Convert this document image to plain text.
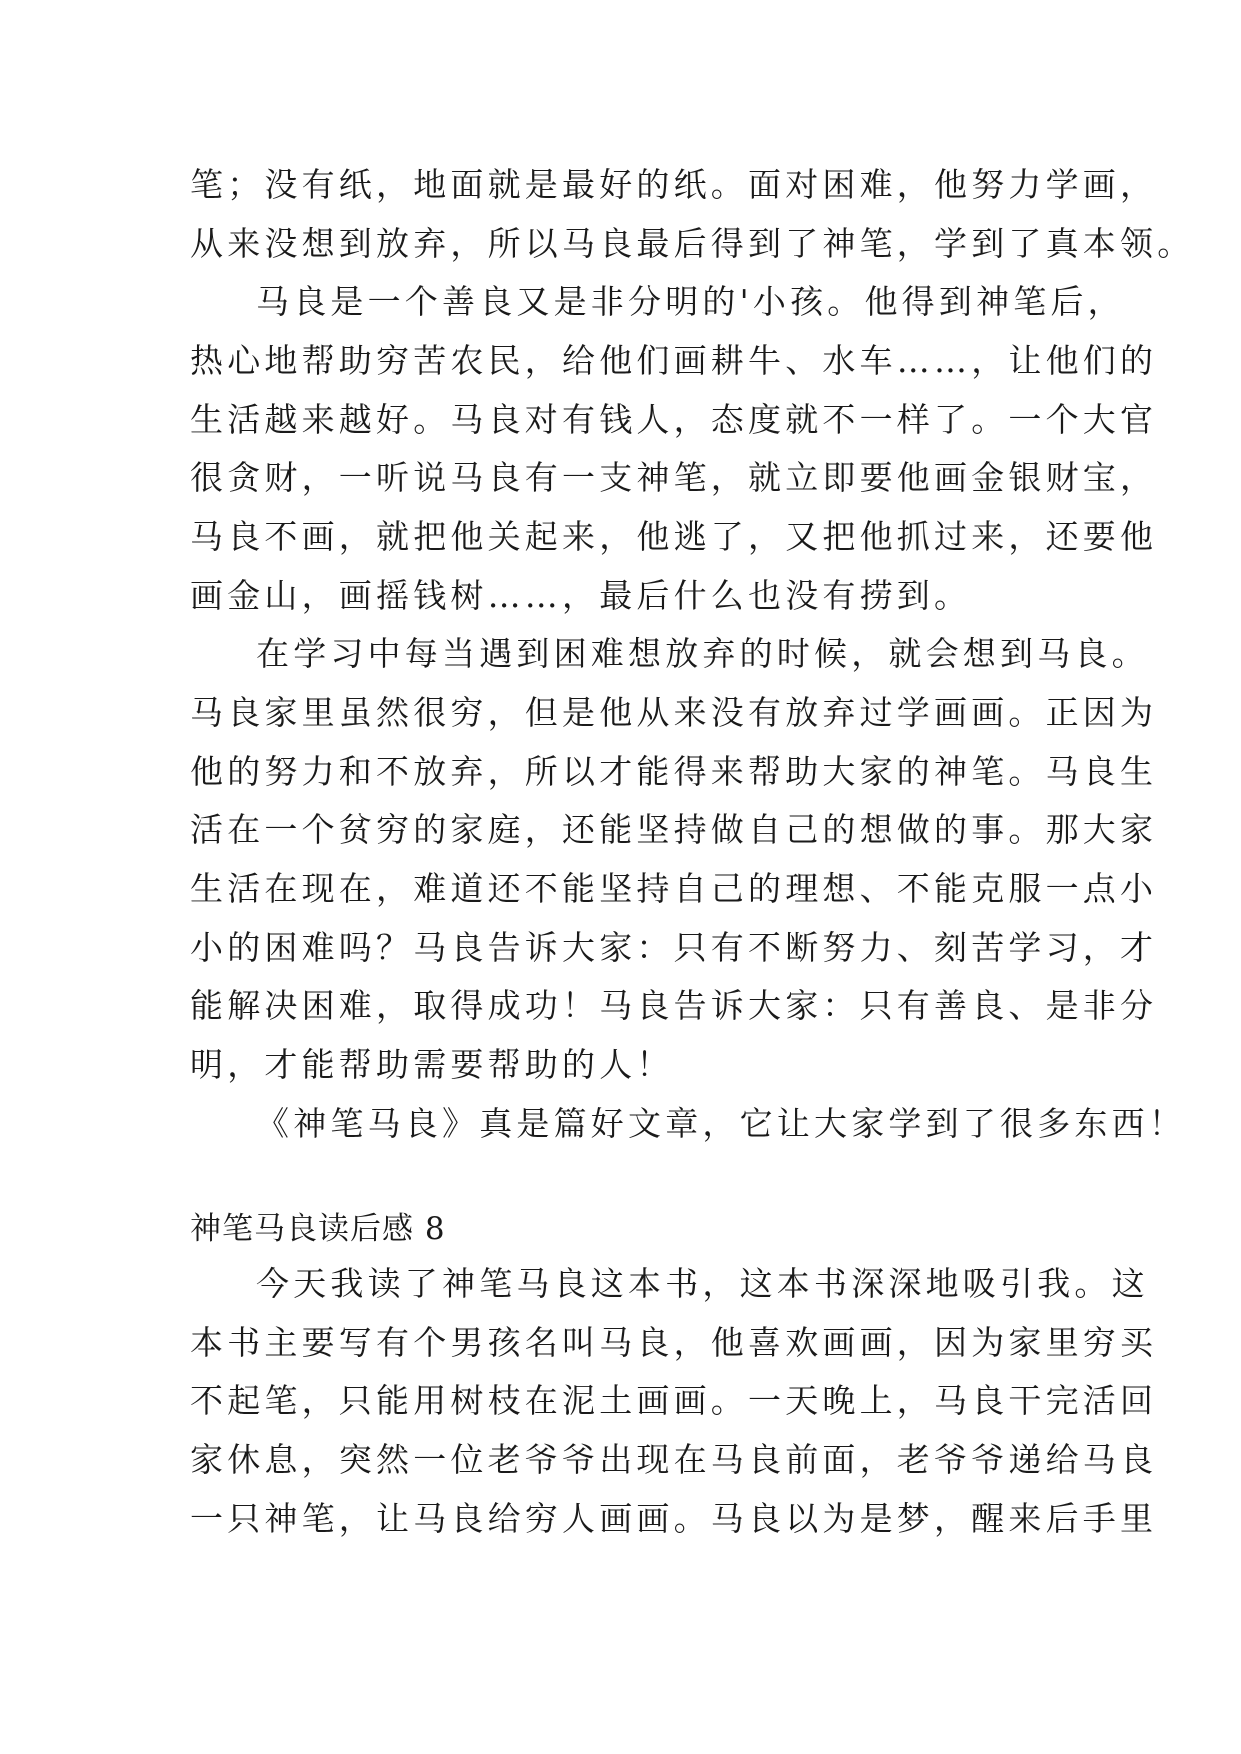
笔；没有纸，地面就是最好的纸。面对困难，他努力学画，
从来没想到放弃，所以马良最后得到了神笔，学到了真本领。
马良是一个善良又是非分明的'小孩。他得到神笔后，
热心地帮助穷苦农民，给他们画耕牛、水车……，让他们的
生活越来越好。马良对有钱人，态度就不一样了。一个大官
很贪财，一听说马良有一支神笔，就立即要他画金银财宝，
马良不画，就把他关起来，他逃了，又把他抓过来，还要他
画金山，画摇钱树……，最后什么也没有捞到。
在学习中每当遇到困难想放弃的时候，就会想到马良。
马良家里虽然很穷，但是他从来没有放弃过学画画。正因为
他的努力和不放弃，所以才能得来帮助大家的神笔。马良生
活在一个贫穷的家庭，还能坚持做自己的想做的事。那大家
生活在现在，难道还不能坚持自己的理想、不能克服一点小
小的困难吗？马良告诉大家：只有不断努力、刻苦学习，才
能解决困难，取得成功！马良告诉大家：只有善良、是非分
明，才能帮助需要帮助的人！
《神笔马良》真是篇好文章，它让大家学到了很多东西！
神笔马良读后感 8
今天我读了神笔马良这本书，这本书深深地吸引我。这
本书主要写有个男孩名叫马良，他喜欢画画，因为家里穷买
不起笔，只能用树枝在泥土画画。一天晚上，马良干完活回
家休息，突然一位老爷爷出现在马良前面，老爷爷递给马良
一只神笔，让马良给穷人画画。马良以为是梦，醒来后手里
